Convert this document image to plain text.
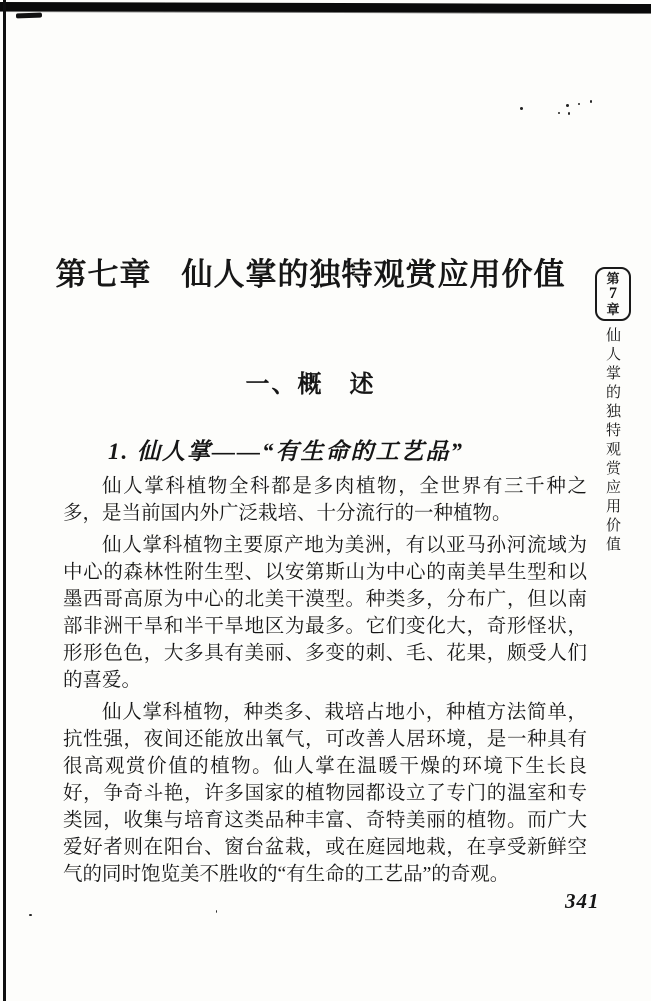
第七章 仙人掌的独特观赏应用价值	第
7
章
仙人掌的独特观赏应用价值
一、概　述
1. 仙人掌——“有生命的工艺品”

仙人掌科植物全科都是多肉植物，全世界有三千种之多，是当前国内外广泛栽培、十分流行的一种植物。

仙人掌科植物主要原产地为美洲，有以亚马孙河流域为中心的森林性附生型、以安第斯山为中心的南美旱生型和以墨西哥高原为中心的北美干漠型。种类多，分布广，但以南部非洲干旱和半干旱地区为最多。它们变化大，奇形怪状，形形色色，大多具有美丽、多变的刺、毛、花果，颇受人们的喜爱。

仙人掌科植物，种类多、栽培占地小，种植方法简单，抗性强，夜间还能放出氧气，可改善人居环境，是一种具有很高观赏价值的植物。仙人掌在温暖干燥的环境下生长良好，争奇斗艳，许多国家的植物园都设立了专门的温室和专类园，收集与培育这类品种丰富、奇特美丽的植物。而广大爱好者则在阳台、窗台盆栽，或在庭园地栽，在享受新鲜空气的同时饱览美不胜收的“有生命的工艺品”的奇观。

341
